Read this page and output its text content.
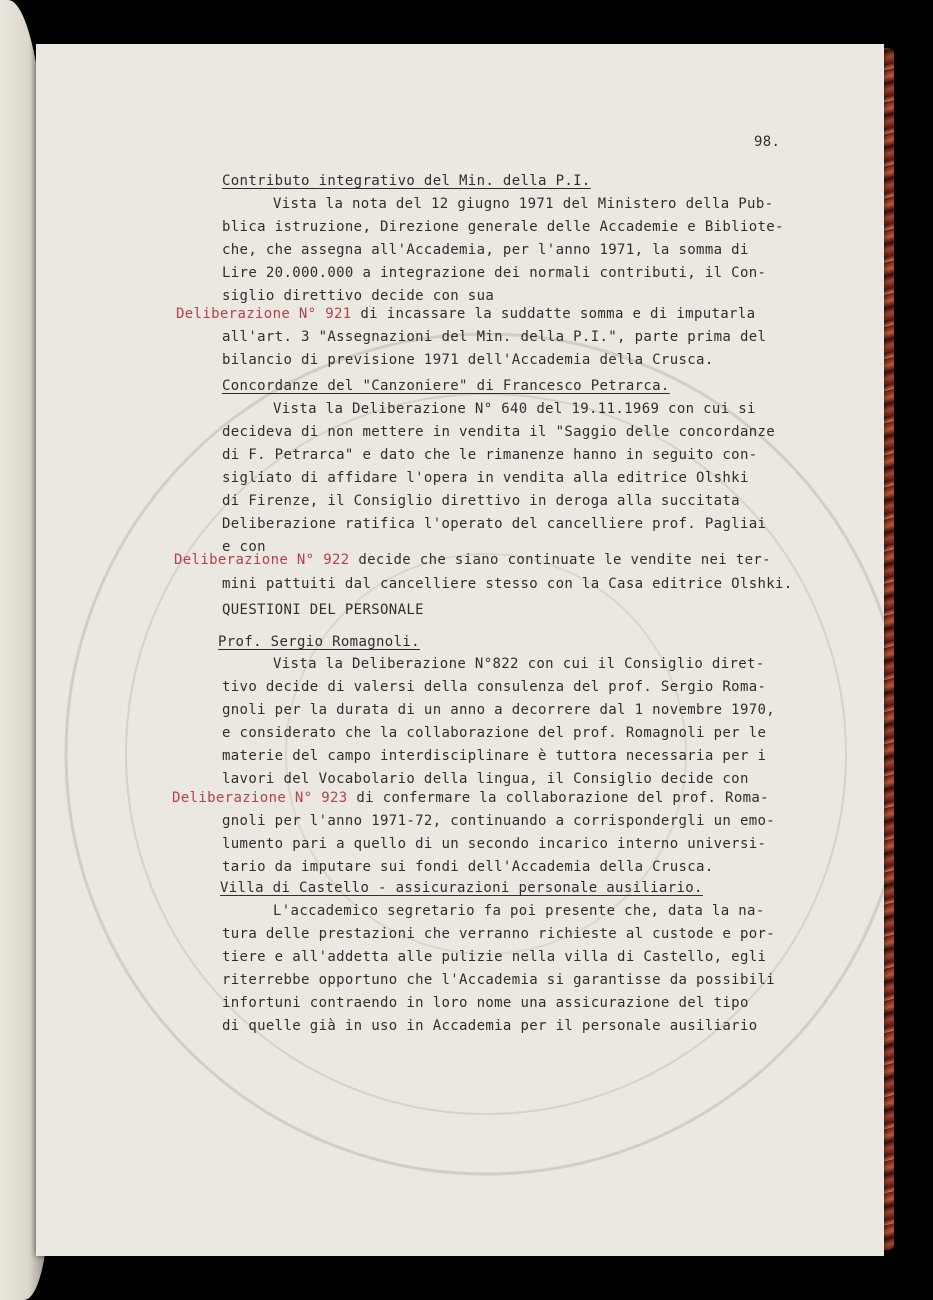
98.
Contributo integrativo del Min. della P.I.
Vista la nota del 12 giugno 1971 del Ministero della Pub-
blica istruzione, Direzione generale delle Accademie e Bibliote-
che, che assegna all'Accademia, per l'anno 1971, la somma di
Lire 20.000.000 a integrazione dei normali contributi, il Con-
siglio direttivo decide con sua
Deliberazione N° 921 di incassare la suddatte somma e di imputarla
all'art. 3 "Assegnazioni del Min. della P.I.", parte prima del
bilancio di previsione 1971 dell'Accademia della Crusca.
Concordanze del "Canzoniere" di Francesco Petrarca.
Vista la Deliberazione N° 640 del 19.11.1969 con cui si
decideva di non mettere in vendita il "Saggio delle concordanze
di F. Petrarca" e dato che le rimanenze hanno in seguito con-
sigliato di affidare l'opera in vendita alla editrice Olshki
di Firenze, il Consiglio direttivo in deroga alla succitata
Deliberazione ratifica l'operato del cancelliere prof. Pagliai
e con
Deliberazione N° 922 decide che siano continuate le vendite nei ter-
mini pattuiti dal cancelliere stesso con la Casa editrice Olshki.
QUESTIONI DEL PERSONALE
Prof. Sergio Romagnoli.
Vista la Deliberazione N°822 con cui il Consiglio diret-
tivo decide di valersi della consulenza del prof. Sergio Roma-
gnoli per la durata di un anno a decorrere dal 1 novembre 1970,
e considerato che la collaborazione del prof. Romagnoli per le
materie del campo interdisciplinare è tuttora necessaria per i
lavori del Vocabolario della lingua, il Consiglio decide con
Deliberazione N° 923 di confermare la collaborazione del prof. Roma-
gnoli per l'anno 1971-72, continuando a corrispondergli un emo-
lumento pari a quello di un secondo incarico interno universi-
tario da imputare sui fondi dell'Accademia della Crusca.
Villa di Castello - assicurazioni personale ausiliario.
L'accademico segretario fa poi presente che, data la na-
tura delle prestazioni che verranno richieste al custode e por-
tiere e all'addetta alle pulizie nella villa di Castello, egli
riterrebbe opportuno che l'Accademia si garantisse da possibili
infortuni contraendo in loro nome una assicurazione del tipo
di quelle già in uso in Accademia per il personale ausiliario
